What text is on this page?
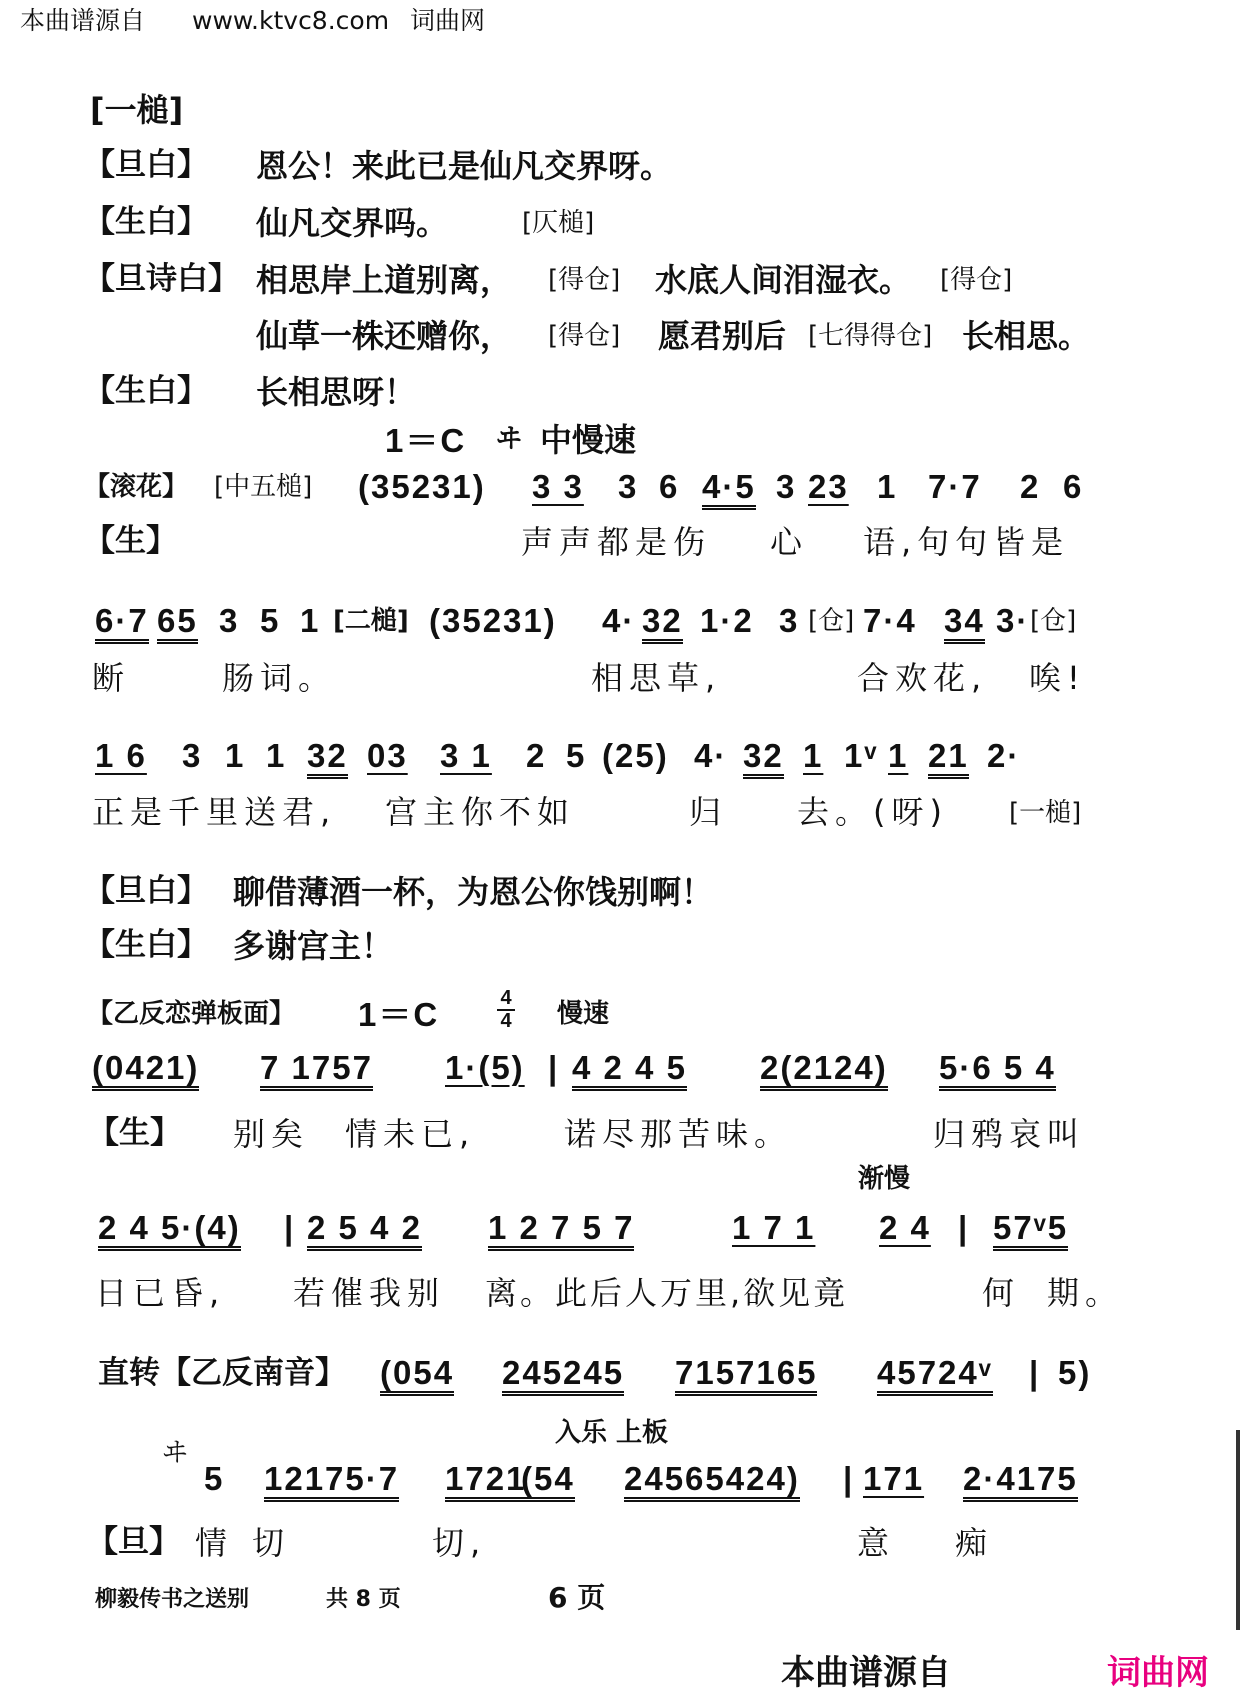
本曲谱源自 www.ktvc8.com 词曲网
[一槌]
【旦白】 恩公！来此已是仙凡交界呀。
【生白】 仙凡交界吗。	[仄槌]
【旦诗白】 相思岸上道别离， [得仓] 水底人间泪湿衣。 [得仓]
仙草一株还赠你， [得仓] 愿君别后 [七得得仓] 长相思。
【生白】 长相思呀！
1＝C ヰ 中慢速
【滚花】 [中五槌] (35231) 3 3 3 6 4·5 3 23 1 7·7 2 6
【生】	声声都是伤 心 语,句句皆是
6·7 65 3 5 1 [二槌] (35231) 4· 32 1·2 3 [仓] 7·4 34 3· [仓]
断	肠词。	相思草,	合欢花, 唉!
1 6 3 1 1 32 03 3 1 2 5 (25) 4· 32 1 1ᵛ 1 21 2·
正是千里送君, 宫主你不如	归 去。(呀) [一槌]
【旦白】 聊借薄酒一杯，为恩公你饯别啊！
【生白】 多谢宫主！
【乙反恋弹板面】 1＝C	$\frac{4}{4}$ 慢速
(0421) 7 1757 1·(5) | 4 2 4 5 2(2124) 5·6 5 4
【生】 别矣 情未已,	诺尽那苦味。	归鸦哀叫
渐慢
2 4 5·(4) | 2 5 4 2 1 2 7 5 7	1 7 1 2 4 | 57ᵛ5
日已昏, 若催我别 离。此后人万里,欲见竟	何 期。
直转【乙反南音】 (054 245245 7157165 45724ᵛ | 5)
ヰ
入乐 上板
5 12175·7 1721
(54 24565424) | 171 2·4175
【旦】 情 切	切,	意 痴
柳毅传书之送别	共 8 页	6 页
本曲谱源自	词曲网
